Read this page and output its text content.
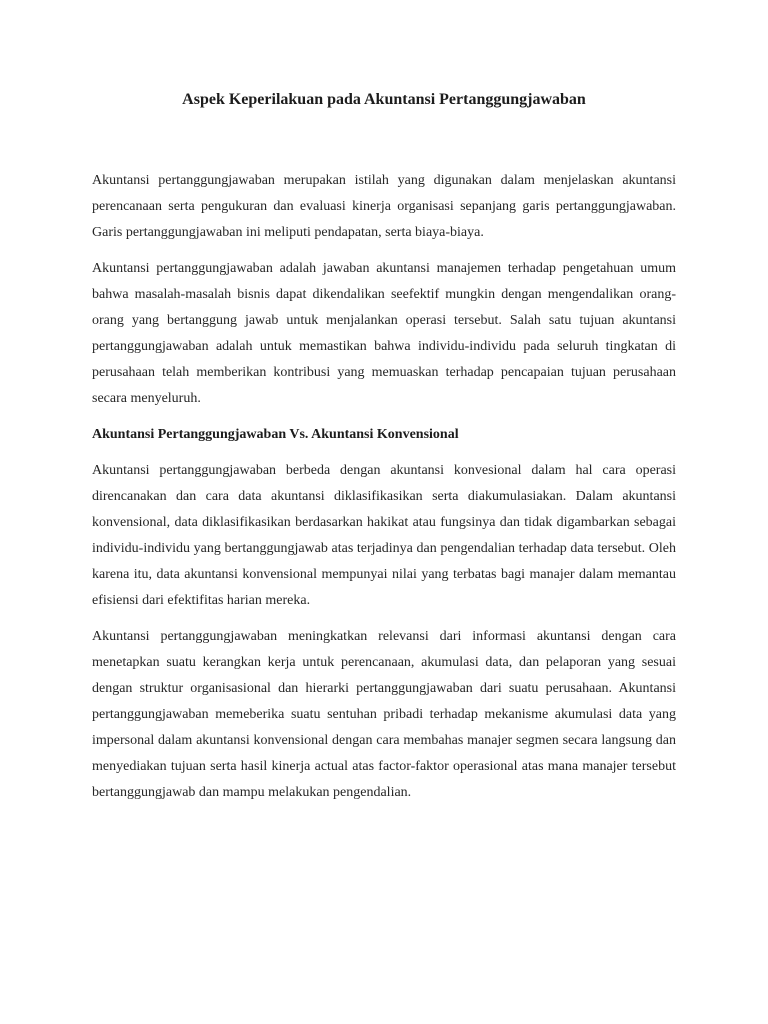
Aspek Keperilakuan pada Akuntansi Pertanggungjawaban

Akuntansi pertanggungjawaban merupakan istilah yang digunakan dalam menjelaskan akuntansi perencanaan serta pengukuran dan evaluasi kinerja organisasi sepanjang garis pertanggungjawaban. Garis pertanggungjawaban ini meliputi pendapatan, serta biaya-biaya.

Akuntansi pertanggungjawaban adalah jawaban akuntansi manajemen terhadap pengetahuan umum bahwa masalah-masalah bisnis dapat dikendalikan seefektif mungkin dengan mengendalikan orang-orang yang bertanggung jawab untuk menjalankan operasi tersebut. Salah satu tujuan akuntansi pertanggungjawaban adalah untuk memastikan bahwa individu-individu pada seluruh tingkatan di perusahaan telah memberikan kontribusi yang memuaskan terhadap pencapaian tujuan perusahaan secara menyeluruh.

Akuntansi Pertanggungjawaban Vs. Akuntansi Konvensional

Akuntansi pertanggungjawaban berbeda dengan akuntansi konvesional dalam hal cara operasi direncanakan dan cara data akuntansi diklasifikasikan serta diakumulasiakan. Dalam akuntansi konvensional, data diklasifikasikan berdasarkan hakikat atau fungsinya dan tidak digambarkan sebagai individu-individu yang bertanggungjawab atas terjadinya dan pengendalian terhadap data tersebut. Oleh karena itu, data akuntansi konvensional mempunyai nilai yang terbatas bagi manajer dalam memantau efisiensi dari efektifitas harian mereka.

Akuntansi pertanggungjawaban meningkatkan relevansi dari informasi akuntansi dengan cara menetapkan suatu kerangkan kerja untuk perencanaan, akumulasi data, dan pelaporan yang sesuai dengan struktur organisasional dan hierarki pertanggungjawaban dari suatu perusahaan. Akuntansi pertanggungjawaban memeberika suatu sentuhan pribadi terhadap mekanisme akumulasi data yang impersonal dalam akuntansi konvensional dengan cara membahas manajer segmen secara langsung dan menyediakan tujuan serta hasil kinerja actual atas factor-faktor operasional atas mana manajer tersebut bertanggungjawab dan mampu melakukan pengendalian.
